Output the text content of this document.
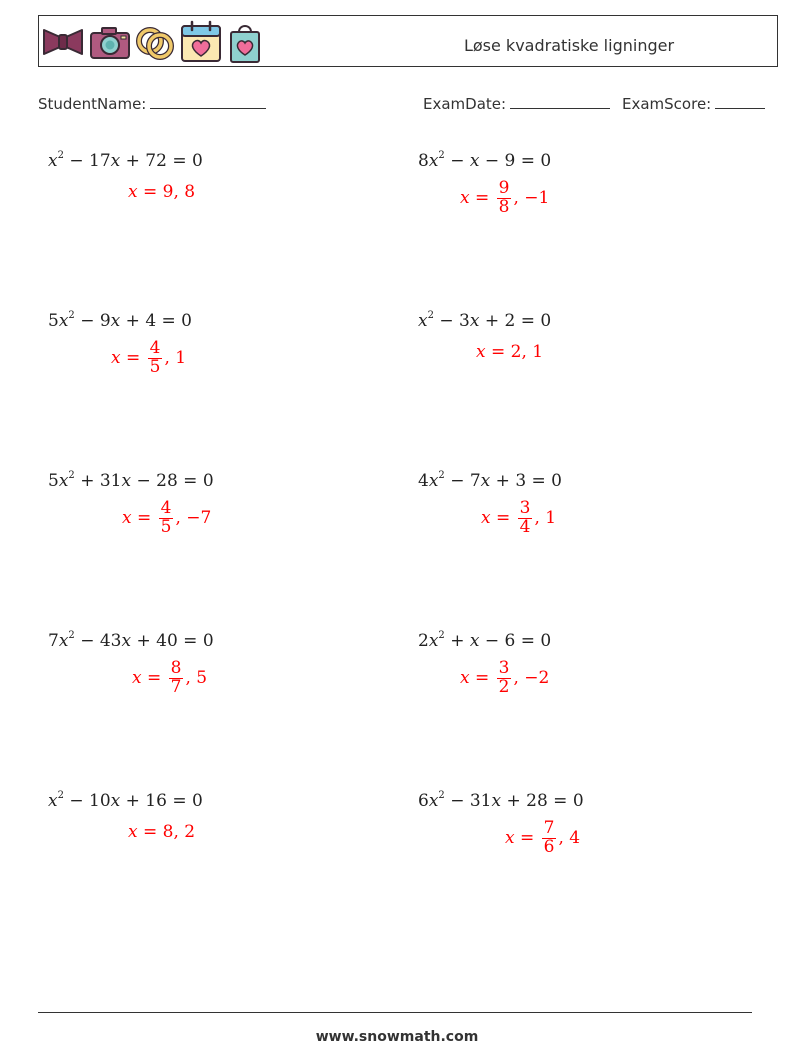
Løse kvadratiske ligninger
StudentName:	ExamDate:	ExamScore:
$x^2 - 17x + 72 = 0$
x = 9, 8
$8x^2 - x - 9 = 0$
$x = \frac{9}{8}$ , −1
$5x^2 - 9x + 4 = 0$
$x = \frac{4}{5}$ , 1
$x^2 - 3x + 2 = 0$
x = 2, 1
$5x^2 + 31x - 28 = 0$
$x = \frac{4}{5}$ , −7
$4x^2 - 7x + 3 = 0$
$x = \frac{3}{4}$ , 1
$7x^2 - 43x + 40 = 0$
$x = \frac{8}{7}$ , 5
$2x^2 + x - 6 = 0$
$x = \frac{3}{2}$ , −2
$x^2 - 10x + 16 = 0$
x = 8, 2
$6x^2 - 31x + 28 = 0$
$x = \frac{7}{6}$ , 4
www.snowmath.com
